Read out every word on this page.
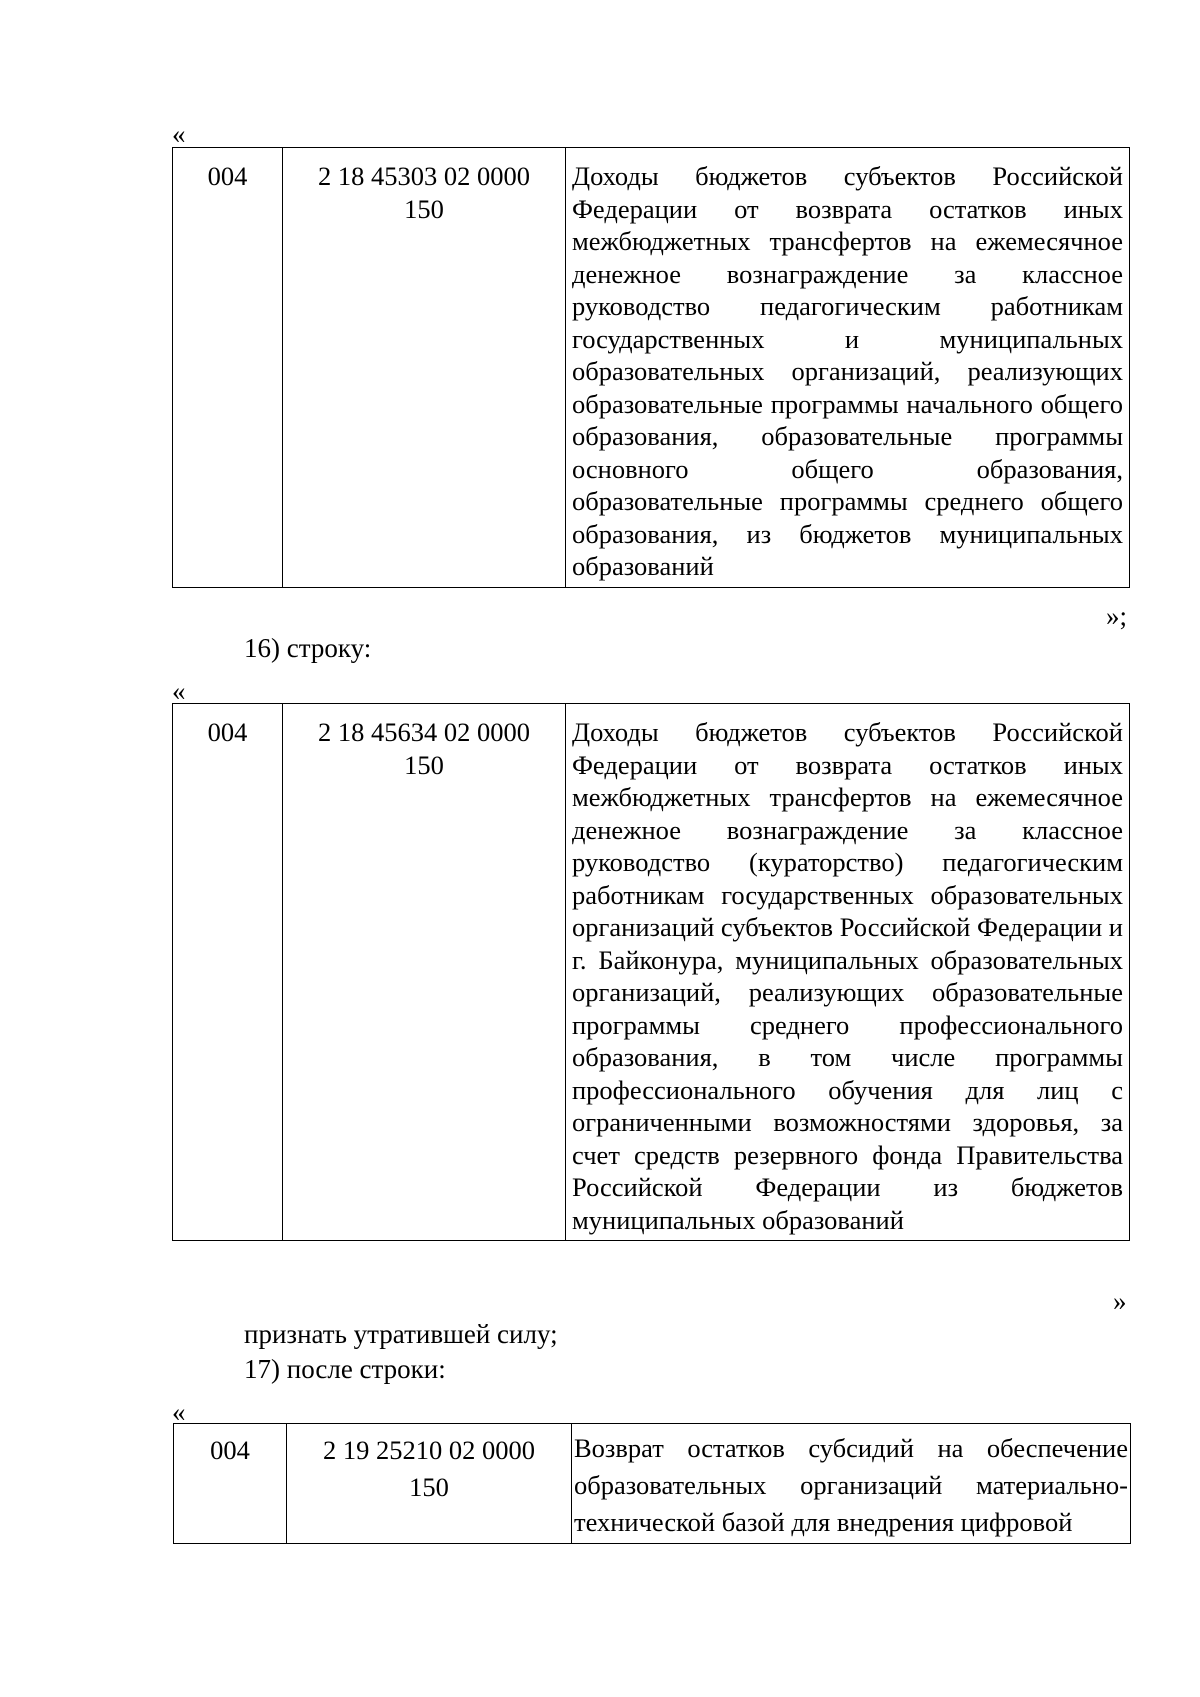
«
004	2 18 45303 02 0000 150	Доходы бюджетов субъектов Российской Федерации от возврата остатков иных межбюджетных трансфертов на ежемесячное денежное вознаграждение за классное руководство педагогическим работникам государственных и муниципальных образовательных организаций, реализующих образовательные программы начального общего образования, образовательные программы основного общего образования, образовательные программы среднего общего образования, из бюджетов муниципальных образований
»;
16) строку:
«
004	2 18 45634 02 0000 150	Доходы бюджетов субъектов Российской Федерации от возврата остатков иных межбюджетных трансфертов на ежемесячное денежное вознаграждение за классное руководство (кураторство) педагогическим работникам государственных образовательных организаций субъектов Российской Федерации и г. Байконура, муниципальных образовательных организаций, реализующих образовательные программы среднего профессионального образования, в том числе программы профессионального обучения для лиц с ограниченными возможностями здоровья, за счет средств резервного фонда Правительства Российской Федерации из бюджетов муниципальных образований
»
признать утратившей силу;
17) после строки:
«
004	2 19 25210 02 0000 150	Возврат остатков субсидий на обеспечение образовательных организаций материально-технической базой для внедрения цифровой
